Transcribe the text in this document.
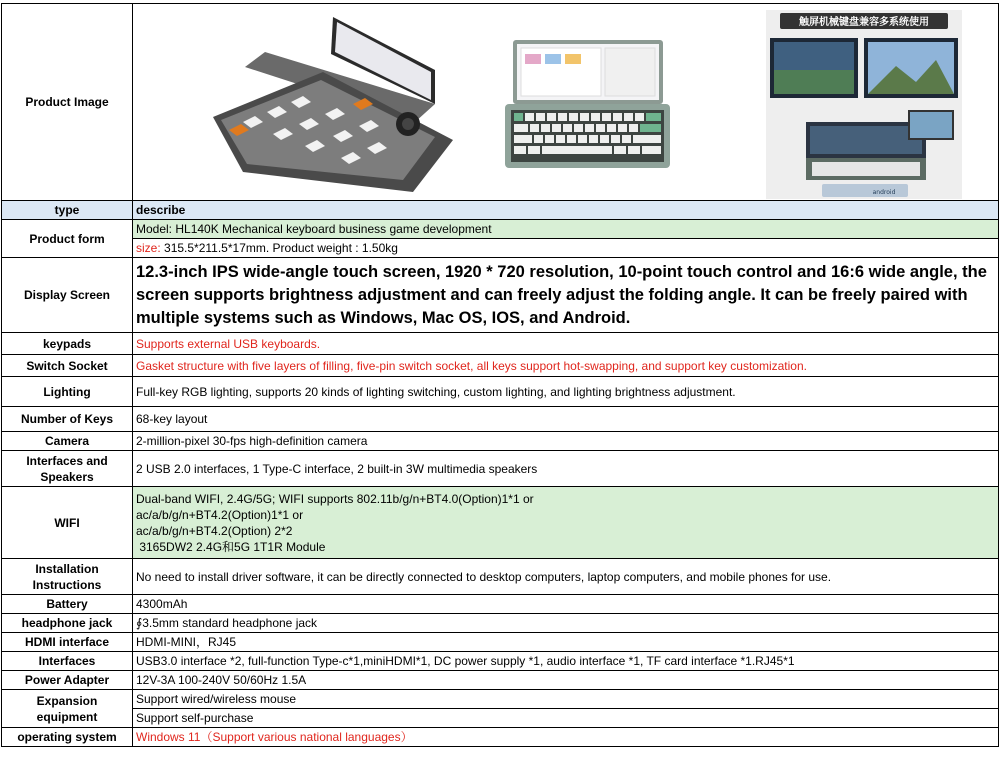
Product Image	触屏机械键盘兼容多系统使用
android

type	describe
Product form	Model: HL140K Mechanical keyboard business game development
	size: 315.5*211.5*17mm. Product weight : 1.50kg
Display Screen	12.3-inch IPS wide-angle touch screen, 1920 * 720 resolution, 10-point touch control and 16:6 wide angle, the screen supports brightness adjustment and can freely adjust the folding angle. It can be freely paired with multiple systems such as Windows, Mac OS, IOS, and Android.
keypads	Supports external USB keyboards.
Switch Socket	Gasket structure with five layers of filling, five-pin switch socket, all keys support hot-swapping, and support key customization.
Lighting	Full-key RGB lighting, supports 20 kinds of lighting switching, custom lighting, and lighting brightness adjustment.
Number of Keys	68-key layout
Camera	2-million-pixel 30-fps high-definition camera
Interfaces and Speakers	2 USB 2.0 interfaces, 1 Type-C interface, 2 built-in 3W multimedia speakers
WIFI	Dual-band WIFI, 2.4G/5G; WIFI supports 802.11b/g/n+BT4.0(Option)1*1 or
ac/a/b/g/n+BT4.2(Option)1*1 or
ac/a/b/g/n+BT4.2(Option) 2*2
3165DW2 2.4G和5G 1T1R Module

Installation Instructions	No need to install driver software, it can be directly connected to desktop computers, laptop computers, and mobile phones for use.
Battery	4300mAh
headphone jack	∮3.5mm standard headphone jack
HDMI interface	HDMI-MINI，RJ45
Interfaces	USB3.0 interface *2, full-function Type-c*1,miniHDMI*1, DC power supply *1, audio interface *1, TF card interface *1.RJ45*1
Power Adapter	12V-3A 100-240V 50/60Hz 1.5A
Expansion equipment	Support wired/wireless mouse
	Support self-purchase
operating system	Windows 11（Support various national languages）
